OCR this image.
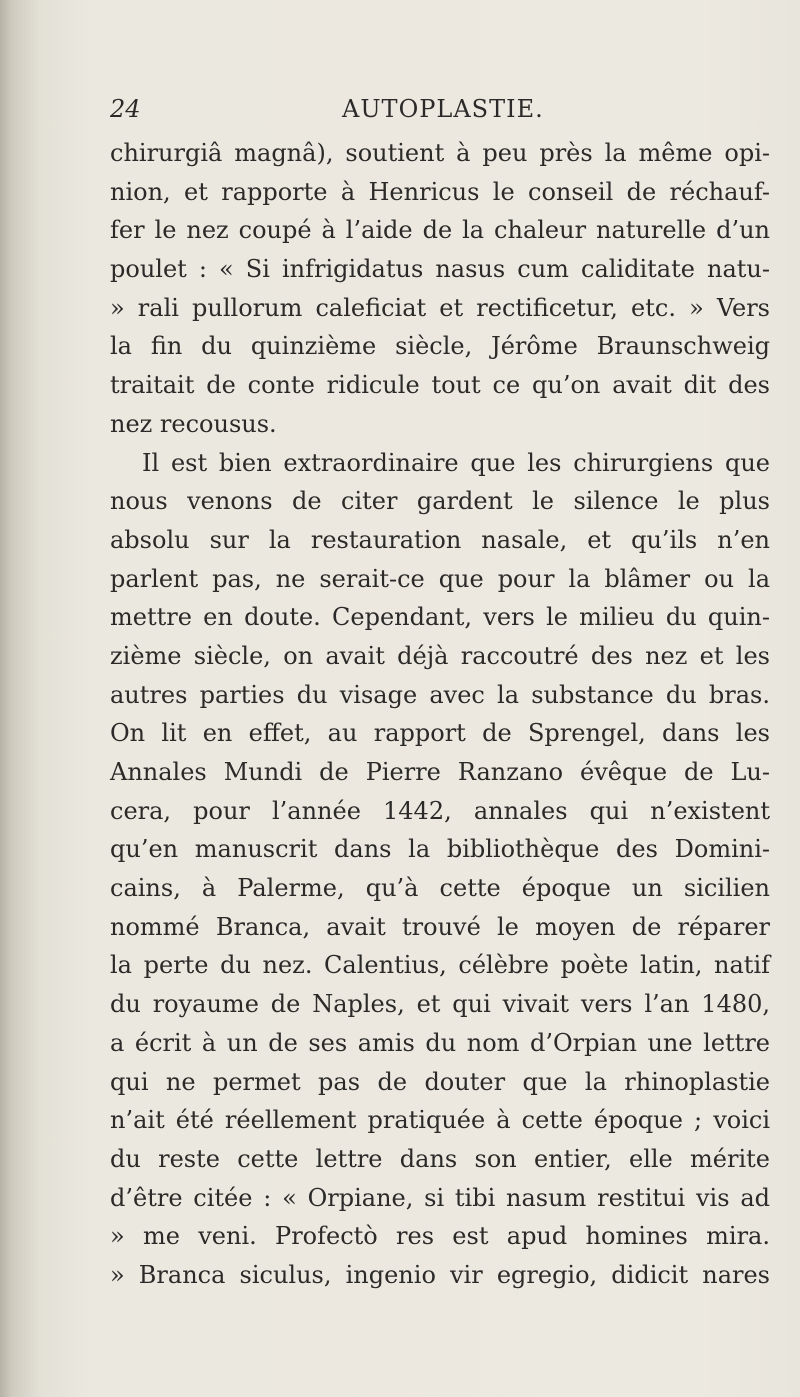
24	AUTOPLASTIE.
chirurgiâ magnâ), soutient à peu près la même opi-
nion, et rapporte à Henricus le conseil de réchauf-
fer le nez coupé à l’aide de la chaleur naturelle d’un
poulet : « Si infrigidatus nasus cum caliditate natu-
» rali pullorum caleficiat et rectificetur, etc. » Vers
la fin du quinzième siècle, Jérôme Braunschweig
traitait de conte ridicule tout ce qu’on avait dit des
nez recousus.
Il est bien extraordinaire que les chirurgiens que
nous venons de citer gardent le silence le plus
absolu sur la restauration nasale, et qu’ils n’en
parlent pas, ne serait-ce que pour la blâmer ou la
mettre en doute. Cependant, vers le milieu du quin-
zième siècle, on avait déjà raccoutré des nez et les
autres parties du visage avec la substance du bras.
On lit en effet, au rapport de Sprengel, dans les
Annales Mundi de Pierre Ranzano évêque de Lu-
cera, pour l’année 1442, annales qui n’existent
qu’en manuscrit dans la bibliothèque des Domini-
cains, à Palerme, qu’à cette époque un sicilien
nommé Branca, avait trouvé le moyen de réparer
la perte du nez. Calentius, célèbre poète latin, natif
du royaume de Naples, et qui vivait vers l’an 1480,
a écrit à un de ses amis du nom d’Orpian une lettre
qui ne permet pas de douter que la rhinoplastie
n’ait été réellement pratiquée à cette époque ; voici
du reste cette lettre dans son entier, elle mérite
d’être citée : « Orpiane, si tibi nasum restitui vis ad
» me veni. Profectò res est apud homines mira.
» Branca siculus, ingenio vir egregio, didicit nares
